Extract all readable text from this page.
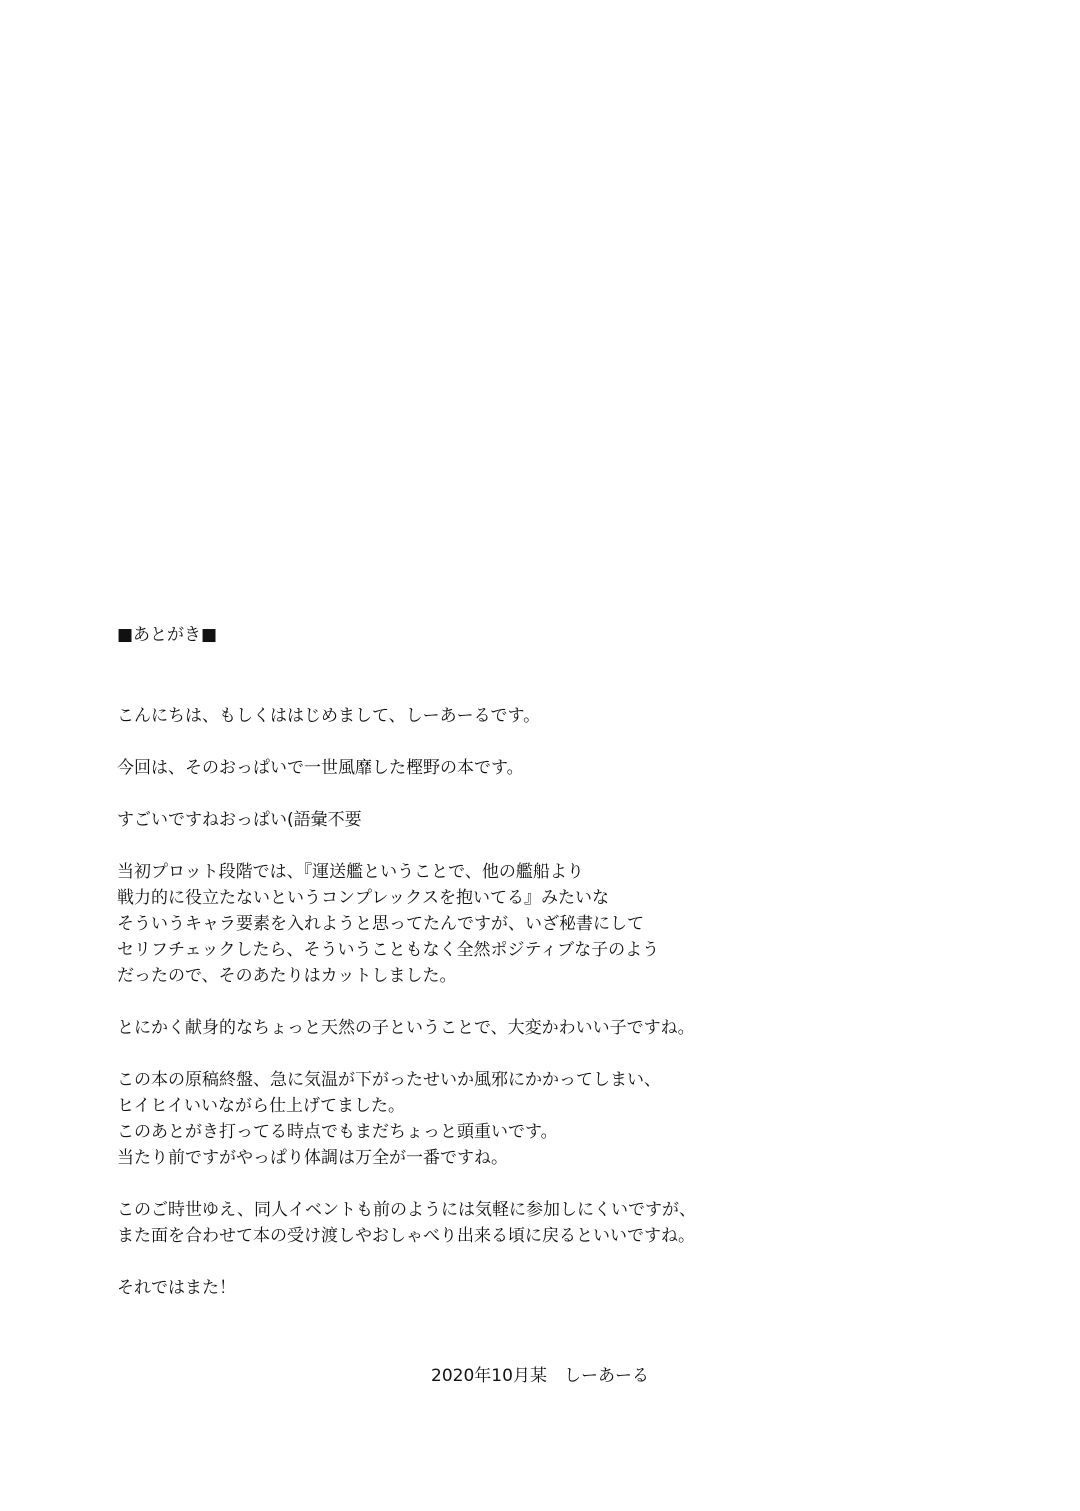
■あとがき■
こんにちは、もしくははじめまして、しーあーるです。
今回は、そのおっぱいで一世風靡した樫野の本です。
すごいですねおっぱい(語彙不要
当初プロット段階では、『運送艦ということで、他の艦船より
戦力的に役立たないというコンプレックスを抱いてる』みたいな
そういうキャラ要素を入れようと思ってたんですが、いざ秘書にして
セリフチェックしたら、そういうこともなく全然ポジティブな子のよう
だったので、そのあたりはカットしました。
とにかく献身的なちょっと天然の子ということで、大変かわいい子ですね。
この本の原稿終盤、急に気温が下がったせいか風邪にかかってしまい、
ヒイヒイいいながら仕上げてました。
このあとがき打ってる時点でもまだちょっと頭重いです。
当たり前ですがやっぱり体調は万全が一番ですね。
このご時世ゆえ、同人イベントも前のようには気軽に参加しにくいですが、
また面を合わせて本の受け渡しやおしゃべり出来る頃に戻るといいですね。
それではまた！
2020年10月某　しーあーる
